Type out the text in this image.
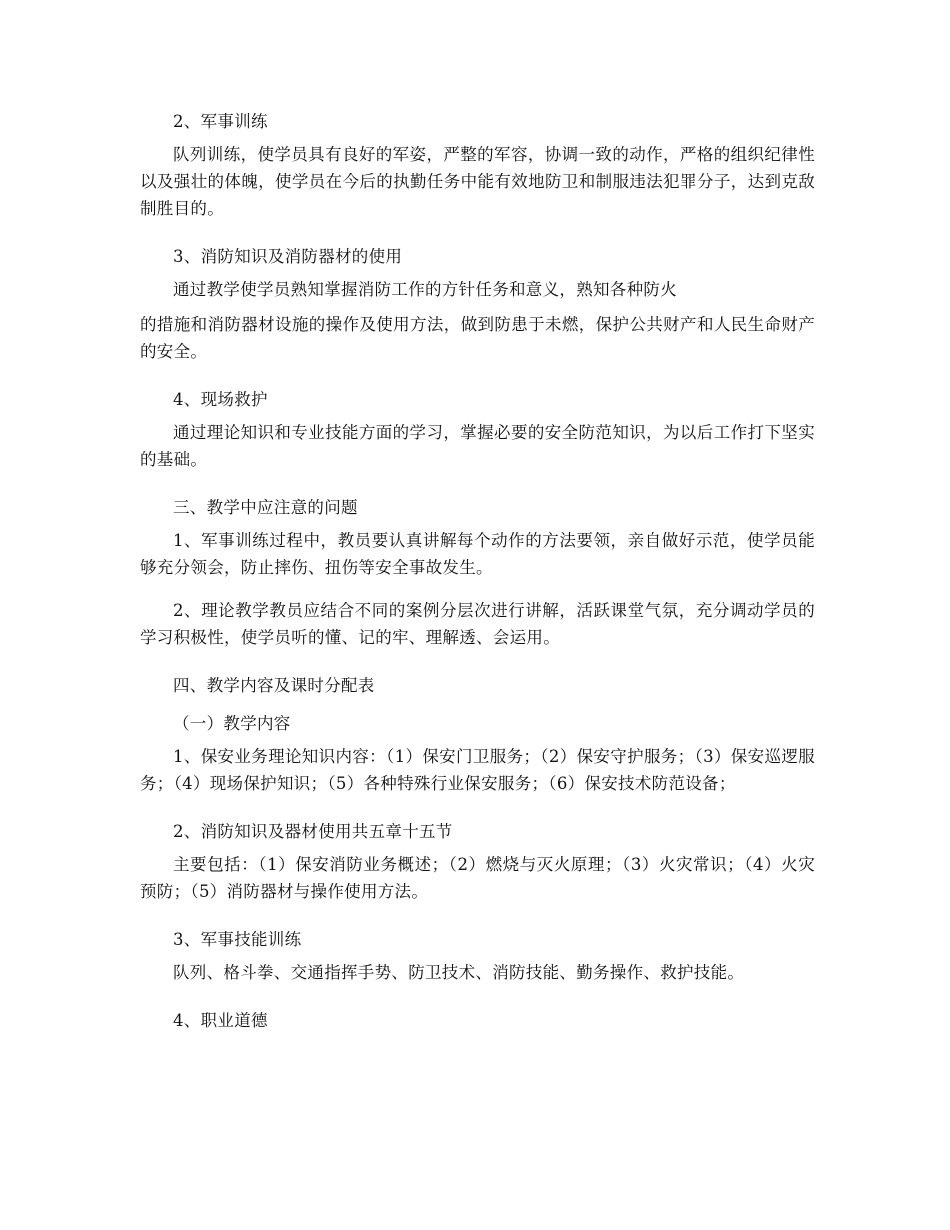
2、军事训练

队列训练，使学员具有良好的军姿，严整的军容，协调一致的动作，严格的组织纪律性以及强壮的体魄，使学员在今后的执勤任务中能有效地防卫和制服违法犯罪分子，达到克敌制胜目的。

3、消防知识及消防器材的使用

通过教学使学员熟知掌握消防工作的方针任务和意义，熟知各种防火

的措施和消防器材设施的操作及使用方法，做到防患于未燃，保护公共财产和人民生命财产的安全。

4、现场救护

通过理论知识和专业技能方面的学习，掌握必要的安全防范知识，为以后工作打下坚实的基础。

三、教学中应注意的问题

1、军事训练过程中，教员要认真讲解每个动作的方法要领，亲自做好示范，使学员能够充分领会，防止摔伤、扭伤等安全事故发生。

2、理论教学教员应结合不同的案例分层次进行讲解，活跃课堂气氛，充分调动学员的学习积极性，使学员听的懂、记的牢、理解透、会运用。

四、教学内容及课时分配表

（一）教学内容

1、保安业务理论知识内容：（1）保安门卫服务；（2）保安守护服务；（3）保安巡逻服务；（4）现场保护知识；（5）各种特殊行业保安服务；（6）保安技术防范设备；

2、消防知识及器材使用共五章十五节

主要包括：（1）保安消防业务概述；（2）燃烧与灭火原理；（3）火灾常识；（4）火灾预防；（5）消防器材与操作使用方法。

3、军事技能训练

队列、格斗拳、交通指挥手势、防卫技术、消防技能、勤务操作、救护技能。

4、职业道德
